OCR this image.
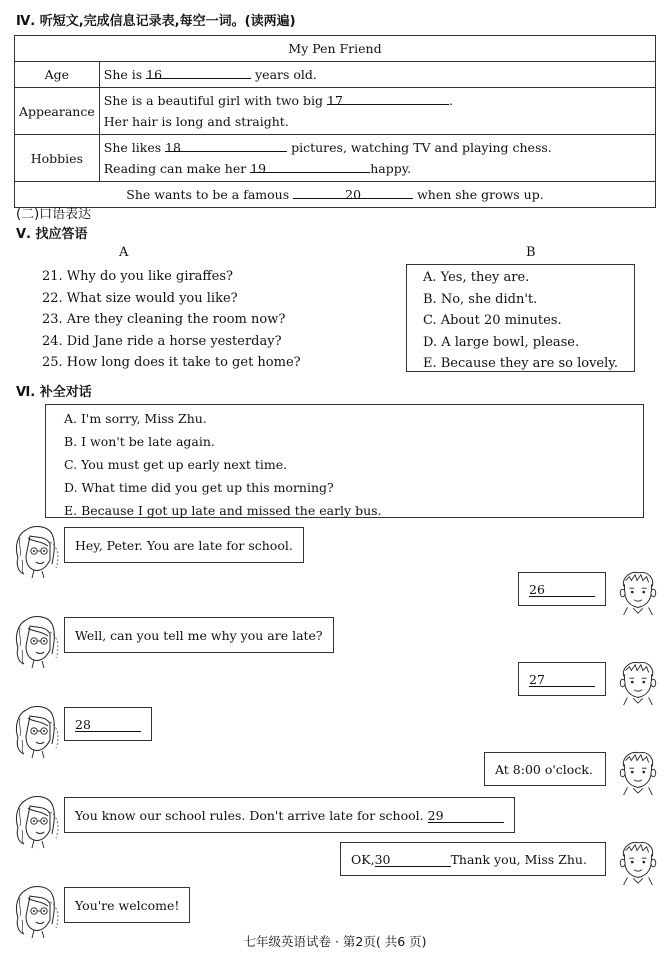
Ⅳ. 听短文,完成信息记录表,每空一词。(读两遍)
My Pen Friend	
Age	She is 16 years old.
Appearance	She is a beautiful girl with two big 17 .
Her hair is long and straight.

Hobbies	She likes 18 pictures, watching TV and playing chess.
Reading can make her 19 happy.

She wants to be a famous 20 when she grows up.	
(二)口语表达
Ⅴ. 找应答语
A	B
21. Why do you like giraffes?
22. What size would you like?
23. Are they cleaning the room now?
24. Did Jane ride a horse yesterday?
25. How long does it take to get home?
A. Yes, they are.
B. No, she didn't.
C. About 20 minutes.
D. A large bowl, please.
E. Because they are so lovely.
Ⅵ. 补全对话
A. I'm sorry, Miss Zhu.
B. I won't be late again.
C. You must get up early next time.
D. What time did you get up this morning?
E. Because I got up late and missed the early bus.
Hey, Peter. You are late for school.
26
Well, can you tell me why you are late?
27
28
At 8:00 o'clock.
You know our school rules. Don't arrive late for school.
29
OK, 30	Thank you, Miss Zhu.
You're welcome!
七年级英语试卷 · 第2页( 共6 页)
